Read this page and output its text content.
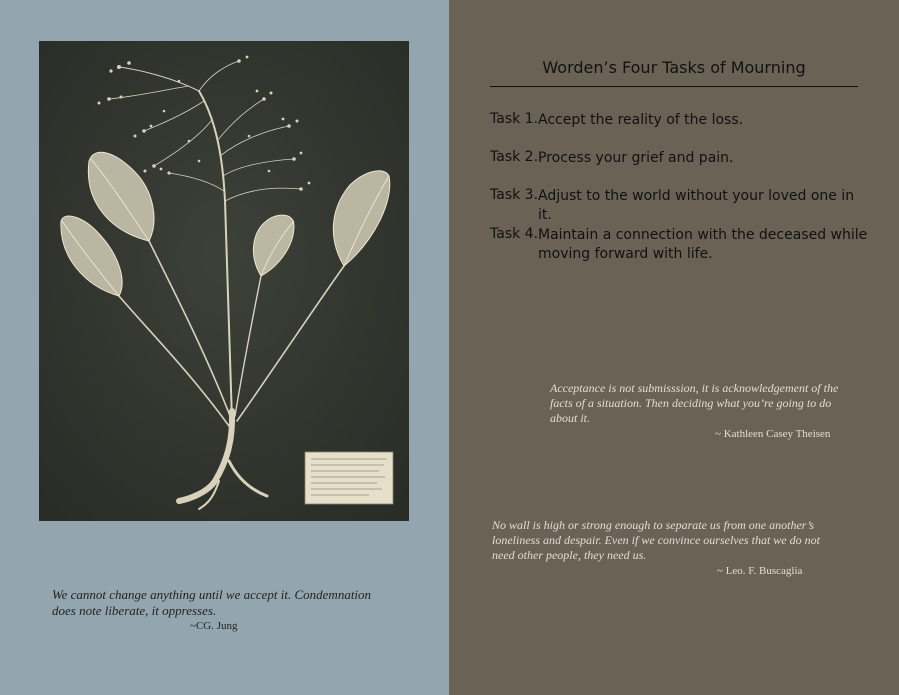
We cannot change anything until we accept it. Condemnation does note liberate, it oppresses.
~CG. Jung
Worden’s Four Tasks of Mourning
Task 1. Accept the reality of the loss.
Task 2. Process your grief and pain.
Task 3. Adjust to the world without your loved one in it.
Task 4. Maintain a connection with the deceased while moving forward with life.
Acceptance is not submisssion, it is acknowledgement of the facts of a situation. Then deciding what you’re going to do about it.
~ Kathleen Casey Theisen
No wall is high or strong enough to separate us from one another’s loneliness and despair. Even if we convince ourselves that we do not need other people, they need us.
~ Leo. F. Buscaglia
